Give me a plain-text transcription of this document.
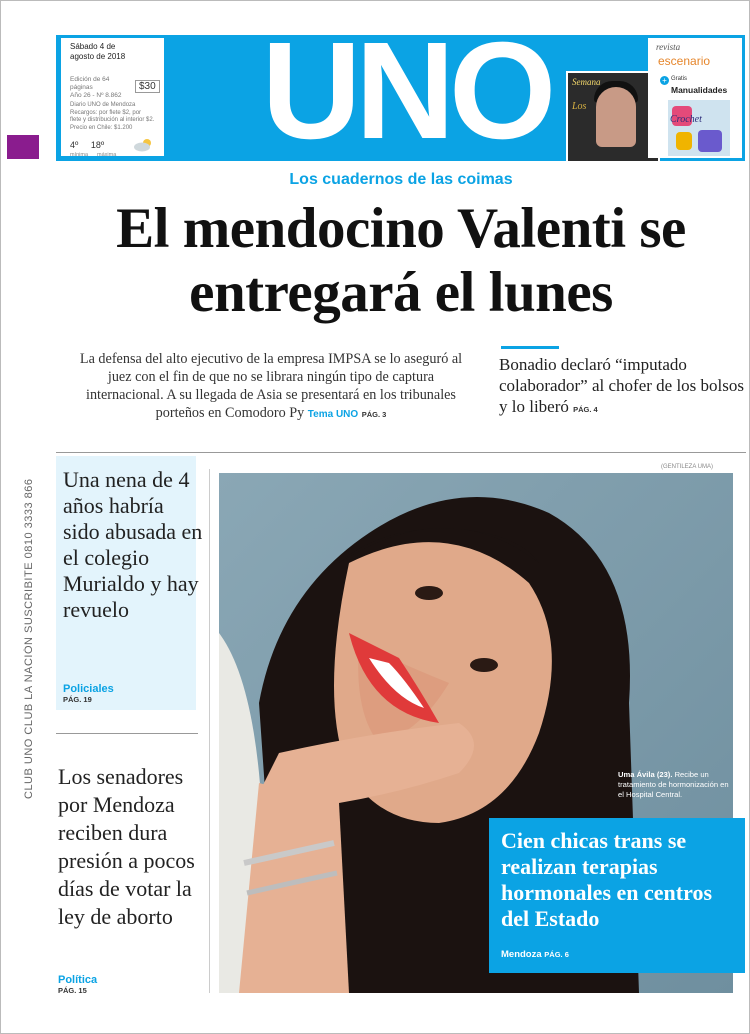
ARG
CLUB UNO CLUB LA NACIÓN SUSCRIBITE 0810 3333 866
Sábado 4 de
agosto de 2018
Edición de 64 páginas
Año 26 - Nº 8.862
$30
Diario UNO de Mendoza
Recargos: por flete $2, por
flete y distribución al interior $2.
Precio en Chile: $1.200
4º 18º
mínima máxima UNO	Semana
Los
revista
escenario
+ Gratis
Manualidades
Crochet
Los cuadernos de las coimas
El mendocino Valenti se entregará el lunes
La defensa del alto ejecutivo de la empresa IMPSA se lo aseguró al juez con el fin de que no se librara ningún tipo de captura internacional. A su llegada de Asia se presentará en los tribunales porteños en Comodoro Py Tema UNO PÁG. 3
Bonadio declaró “imputado colaborador” al chofer de los bolsos y lo liberó PÁG. 4
Una nena de 4 años habría sido abusada en el colegio Murialdo y hay revuelo
Policiales
PÁG. 19
Los senadores por Mendoza reciben dura presión a pocos días de votar la ley de aborto
Política
PÁG. 15
(GENTILEZA UMA)
Uma Ávila (23). Recibe un tratamiento de hormonización en el Hospital Central.
Cien chicas trans se realizan terapias hormonales en centros del Estado
Mendoza PÁG. 6
